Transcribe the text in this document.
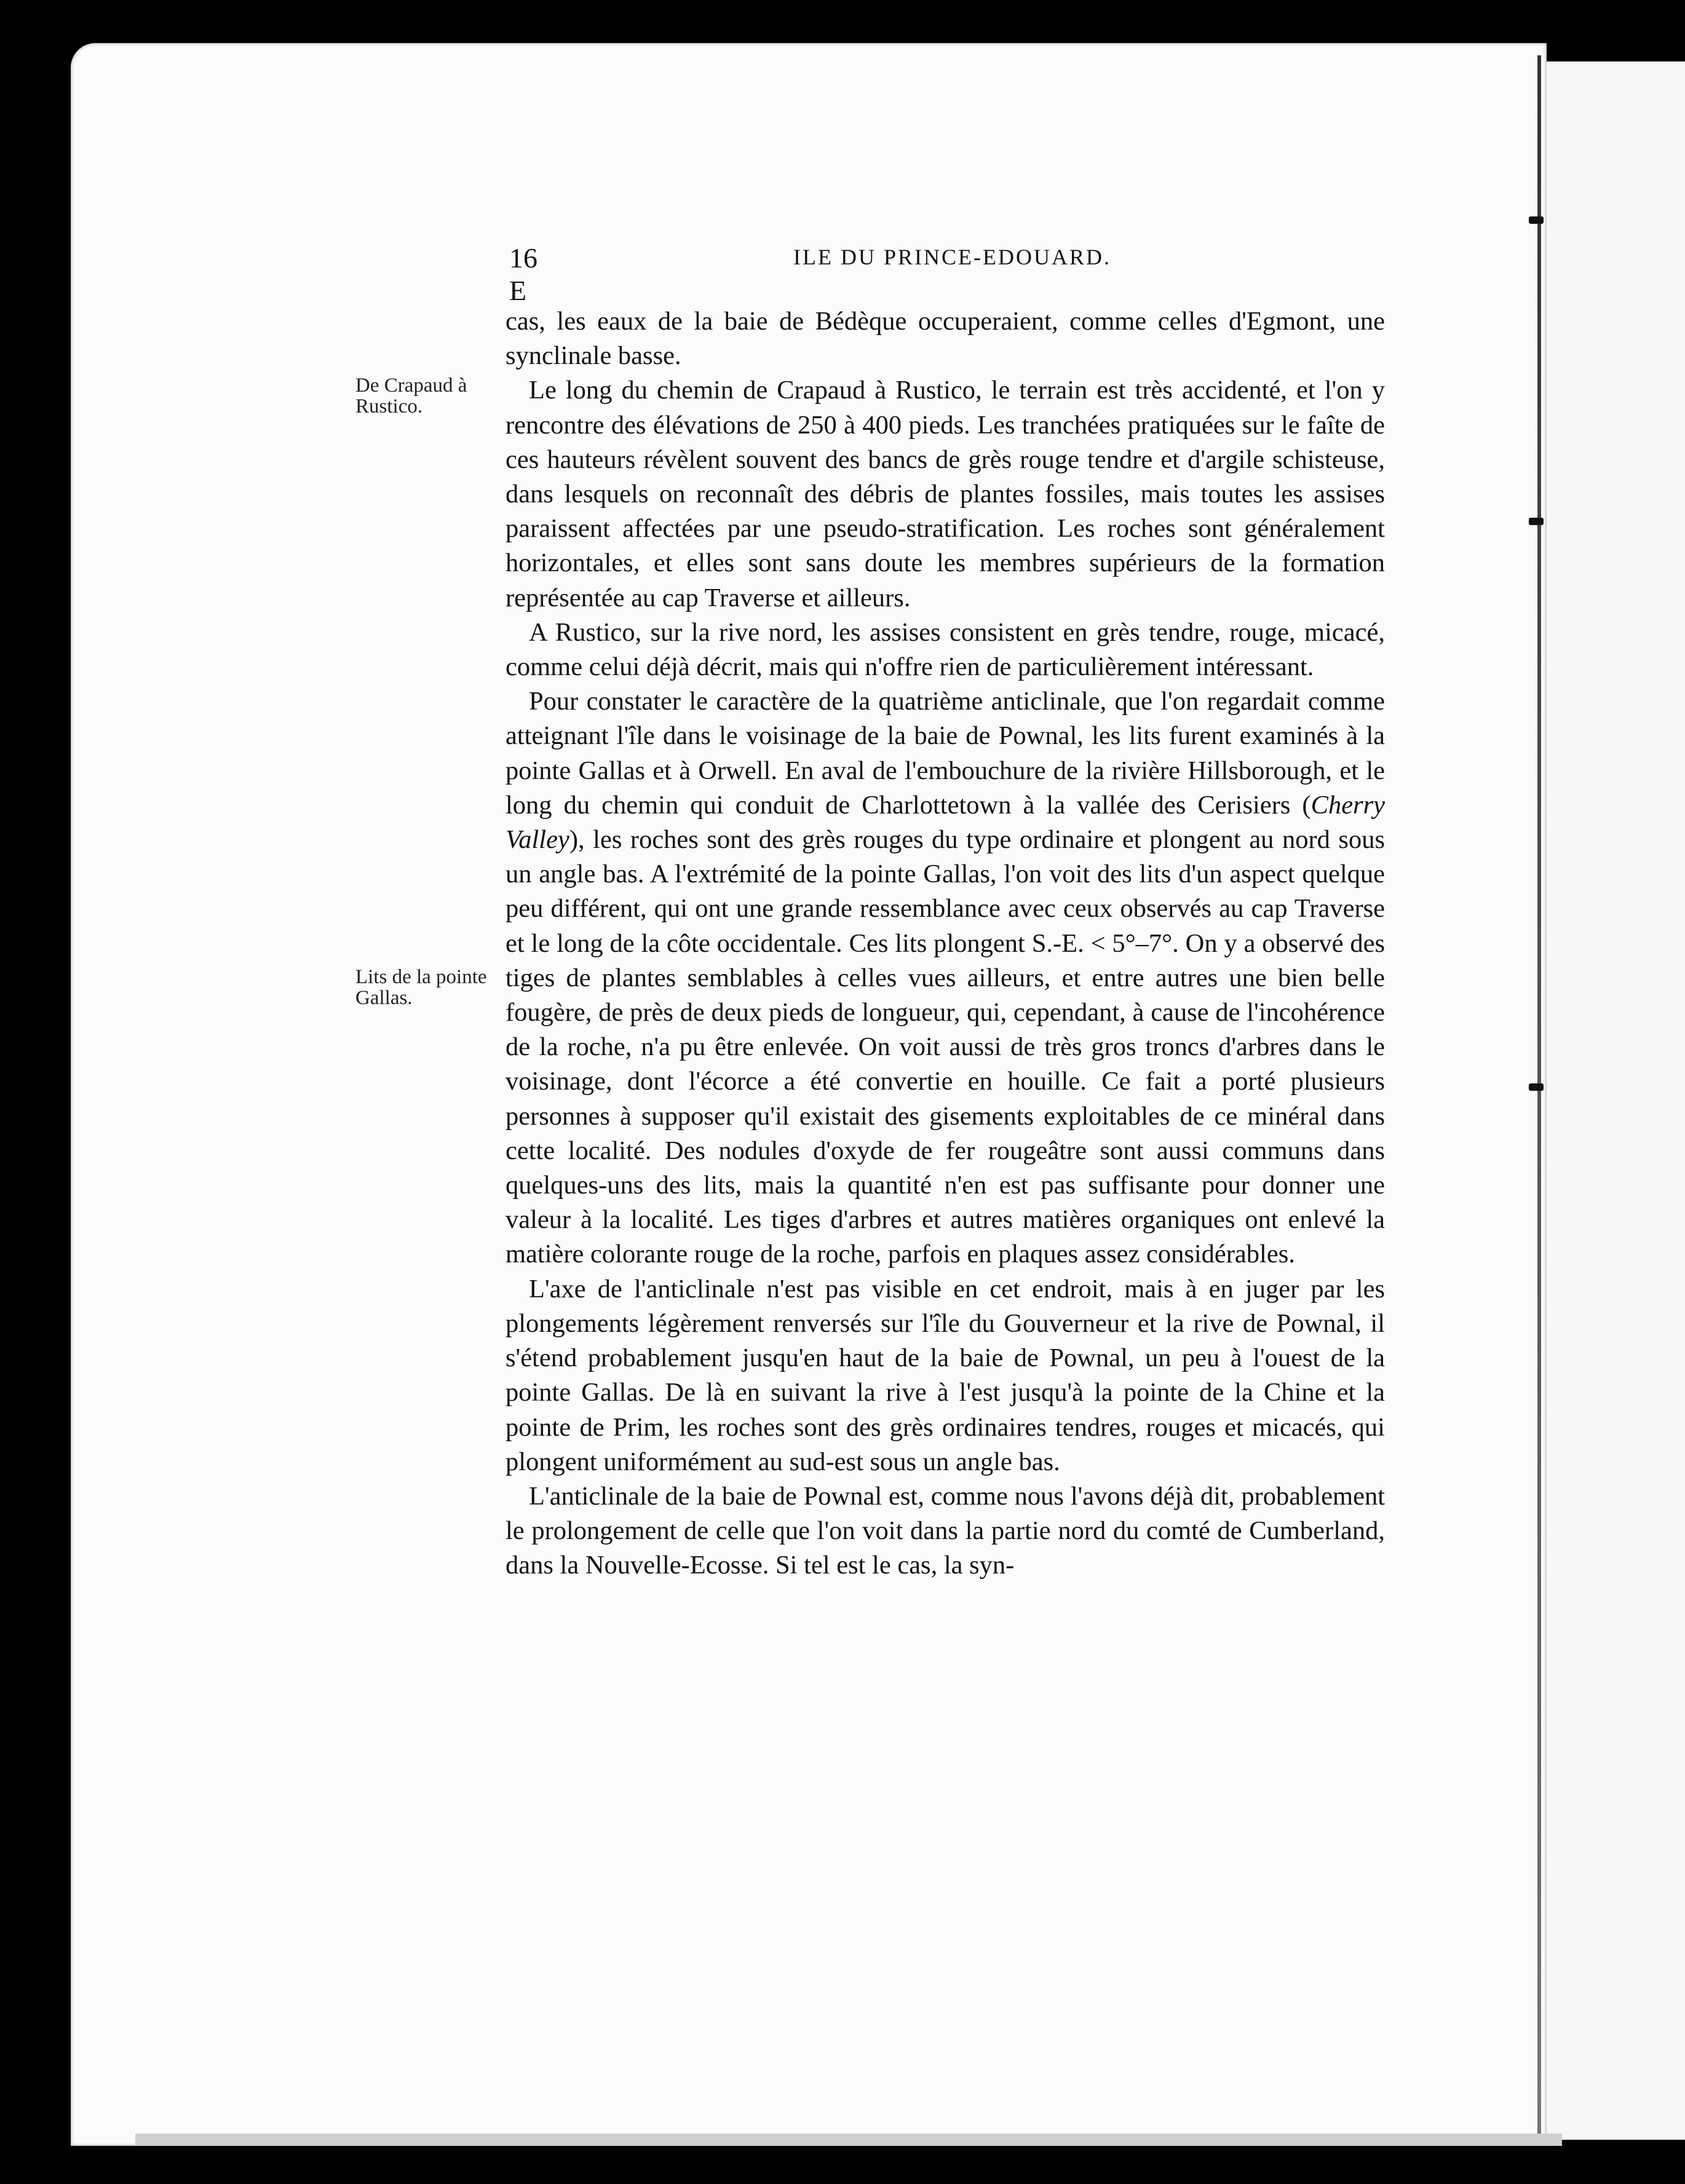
16 E
ILE DU PRINCE-EDOUARD.
De Crapaud à Rustico.
Lits de la pointe Gallas.

cas, les eaux de la baie de Bédèque occuperaient, comme celles d'Egmont, une synclinale basse.

Le long du chemin de Crapaud à Rustico, le terrain est très accidenté, et l'on y rencontre des élévations de 250 à 400 pieds. Les tranchées pratiquées sur le faîte de ces hauteurs révèlent souvent des bancs de grès rouge tendre et d'argile schisteuse, dans lesquels on reconnaît des débris de plantes fossiles, mais toutes les assises paraissent affectées par une pseudo-stratification. Les roches sont généralement horizontales, et elles sont sans doute les membres supérieurs de la formation représentée au cap Traverse et ailleurs.

A Rustico, sur la rive nord, les assises consistent en grès tendre, rouge, micacé, comme celui déjà décrit, mais qui n'offre rien de particulièrement intéressant.

Pour constater le caractère de la quatrième anticlinale, que l'on regardait comme atteignant l'île dans le voisinage de la baie de Pownal, les lits furent examinés à la pointe Gallas et à Orwell. En aval de l'embouchure de la rivière Hillsborough, et le long du chemin qui conduit de Charlottetown à la vallée des Cerisiers (Cherry Valley), les roches sont des grès rouges du type ordinaire et plongent au nord sous un angle bas. A l'extrémité de la pointe Gallas, l'on voit des lits d'un aspect quelque peu différent, qui ont une grande ressemblance avec ceux observés au cap Traverse et le long de la côte occidentale. Ces lits plongent S.-E. < 5°–7°. On y a observé des tiges de plantes semblables à celles vues ailleurs, et entre autres une bien belle fougère, de près de deux pieds de longueur, qui, cependant, à cause de l'incohérence de la roche, n'a pu être enlevée. On voit aussi de très gros troncs d'arbres dans le voisinage, dont l'écorce a été convertie en houille. Ce fait a porté plusieurs personnes à supposer qu'il existait des gisements exploitables de ce minéral dans cette localité. Des nodules d'oxyde de fer rougeâtre sont aussi communs dans quelques-uns des lits, mais la quantité n'en est pas suffisante pour donner une valeur à la localité. Les tiges d'arbres et autres matières organiques ont enlevé la matière colorante rouge de la roche, parfois en plaques assez considérables.

L'axe de l'anticlinale n'est pas visible en cet endroit, mais à en juger par les plongements légèrement renversés sur l'île du Gouverneur et la rive de Pownal, il s'étend probablement jusqu'en haut de la baie de Pownal, un peu à l'ouest de la pointe Gallas. De là en suivant la rive à l'est jusqu'à la pointe de la Chine et la pointe de Prim, les roches sont des grès ordinaires tendres, rouges et micacés, qui plongent uniformément au sud-est sous un angle bas.

L'anticlinale de la baie de Pownal est, comme nous l'avons déjà dit, probablement le prolongement de celle que l'on voit dans la partie nord du comté de Cumberland, dans la Nouvelle-Ecosse. Si tel est le cas, la syn-
